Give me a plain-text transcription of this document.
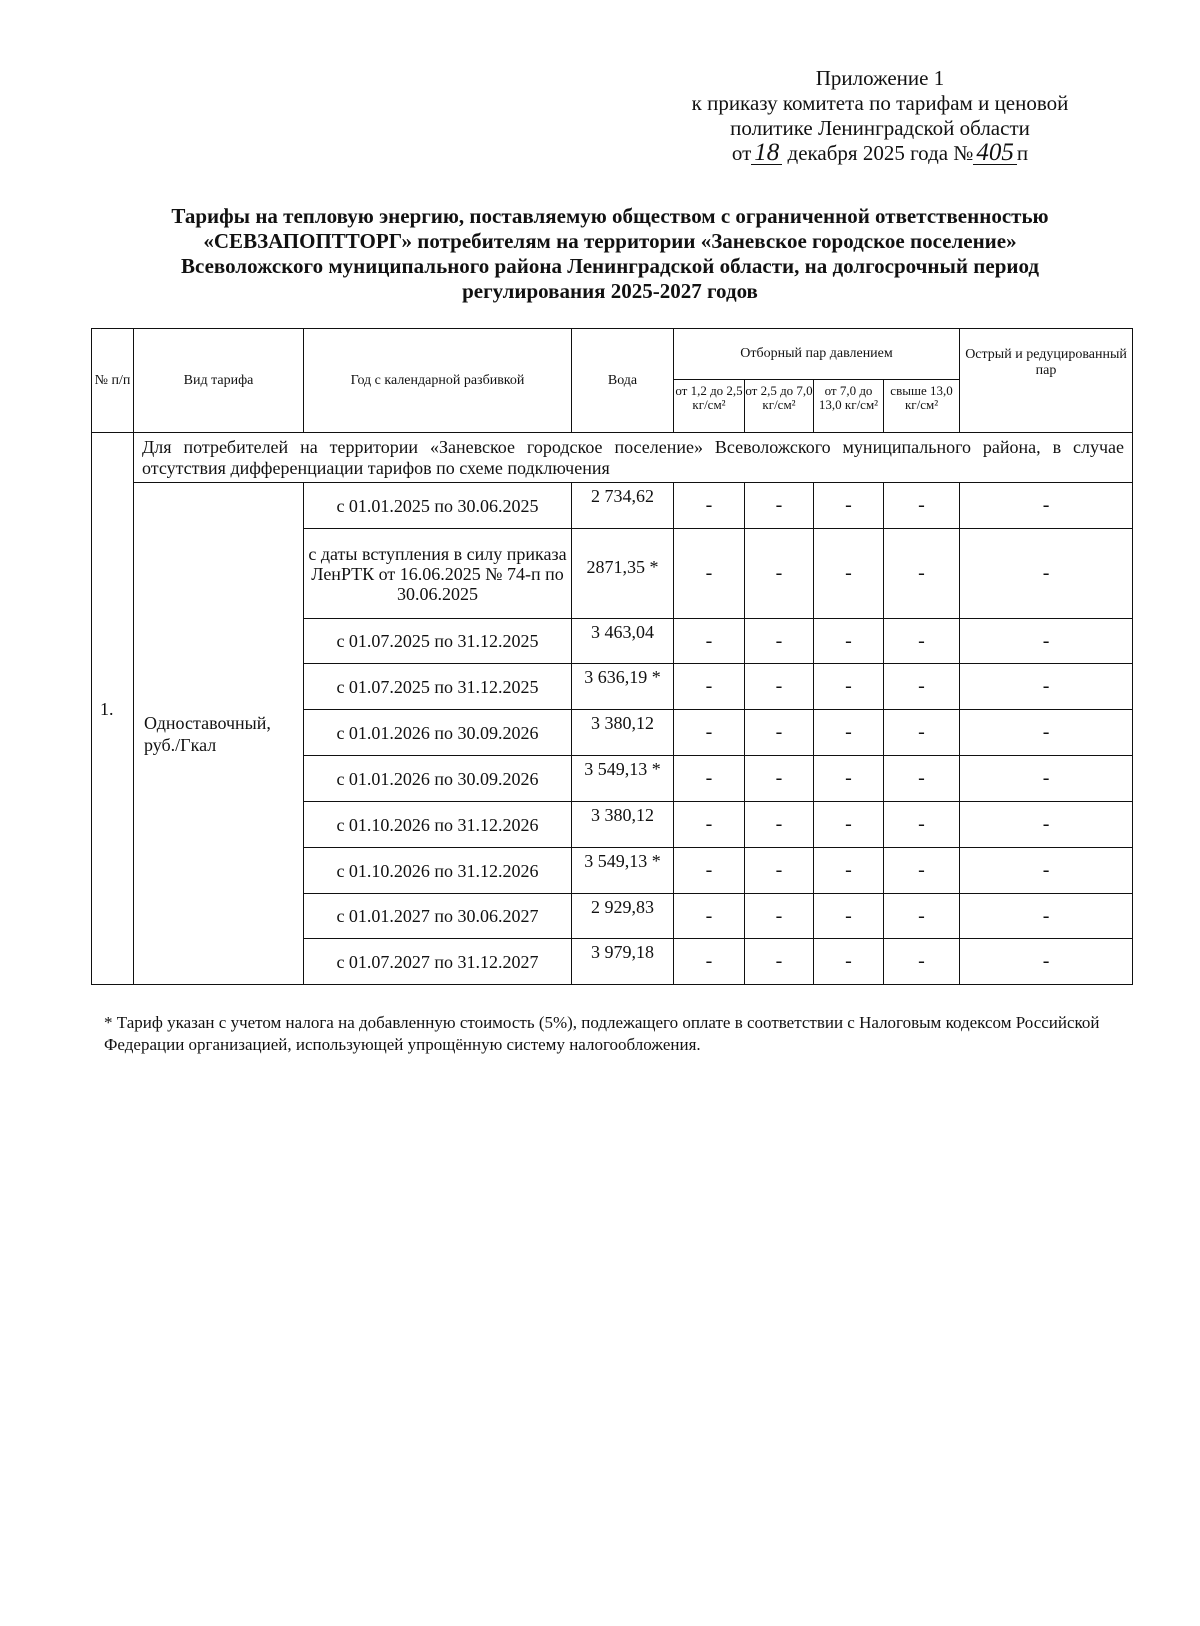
Приложение 1
к приказу комитета по тарифам и ценовой
политике Ленинградской области
от 18 декабря 2025 года № 405 п
Тарифы на тепловую энергию, поставляемую обществом с ограниченной ответственностью
«СЕВЗАПОПТТОРГ» потребителям на территории «Заневское городское поселение»
Всеволожского муниципального района Ленинградской области, на долгосрочный период
регулирования 2025-2027 годов
№ п/п	Вид тарифа	Год с календарной разбивкой	Вода	Отборный пар давлением				Острый и редуцированный пар
				от 1,2 до 2,5 кг/см²	от 2,5 до 7,0 кг/см²	от 7,0 до 13,0 кг/см²	свыше 13,0 кг/см²	
1.	Для потребителей на территории «Заневское городское поселение» Всеволожского муниципального района, в случае отсутствия дифференциации тарифов по схеме подключения							
	Одноставочный, руб./Гкал	с 01.01.2025 по 30.06.2025	2 734,62	-	-	-	-	-
		с даты вступления в силу приказа ЛенРТК от 16.06.2025 № 74-п по 30.06.2025	2871,35 *	-	-	-	-	-
		с 01.07.2025 по 31.12.2025	3 463,04	-	-	-	-	-
		с 01.07.2025 по 31.12.2025	3 636,19 *	-	-	-	-	-
		с 01.01.2026 по 30.09.2026	3 380,12	-	-	-	-	-
		с 01.01.2026 по 30.09.2026	3 549,13 *	-	-	-	-	-
		с 01.10.2026 по 31.12.2026	3 380,12	-	-	-	-	-
		с 01.10.2026 по 31.12.2026	3 549,13 *	-	-	-	-	-
		с 01.01.2027 по 30.06.2027	2 929,83	-	-	-	-	-
		с 01.07.2027 по 31.12.2027	3 979,18	-	-	-	-	-
* Тариф указан с учетом налога на добавленную стоимость (5%), подлежащего оплате в соответствии с Налоговым кодексом Российской Федерации организацией, использующей упрощённую систему налогообложения.
